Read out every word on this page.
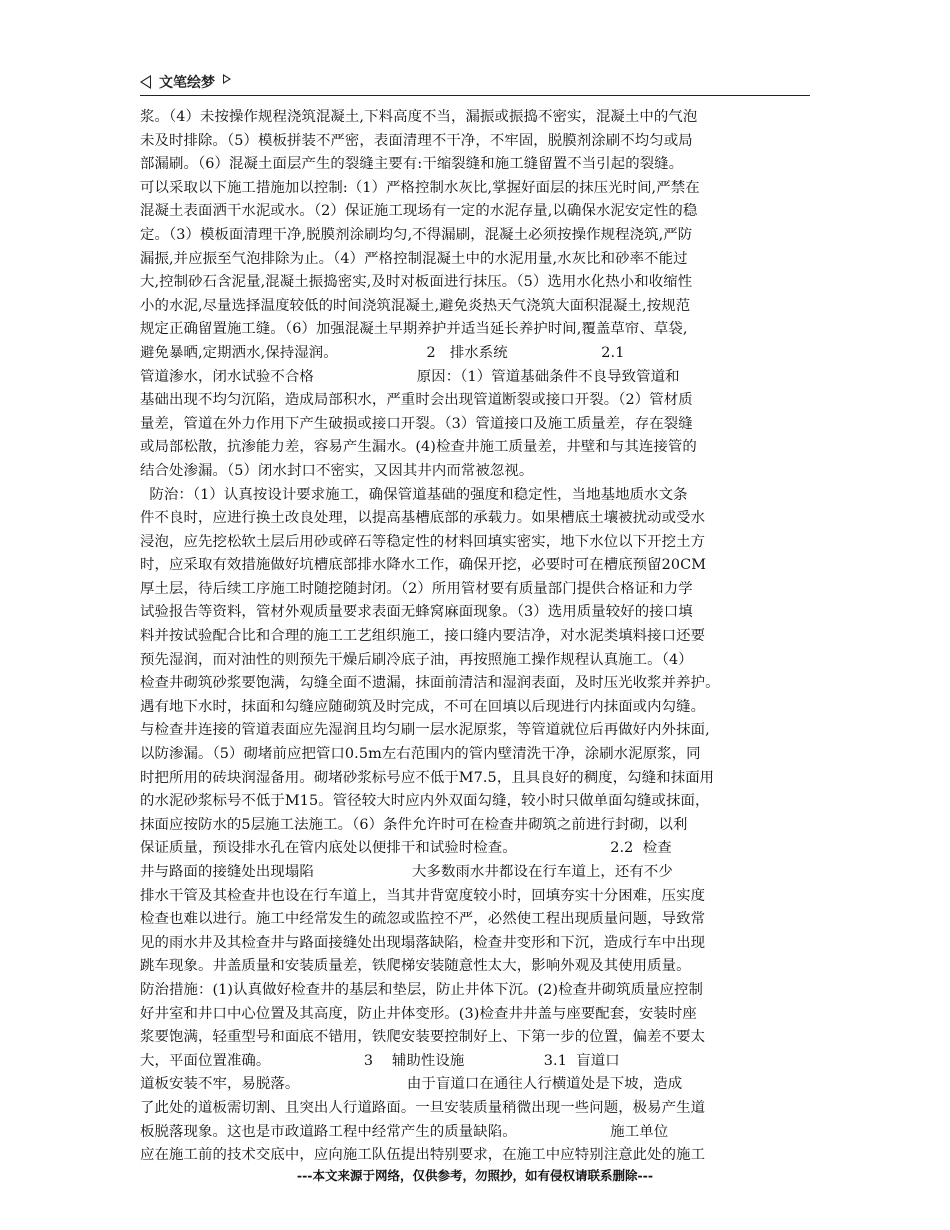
文笔绘梦
浆。（4）未按操作规程浇筑混凝土,下料高度不当，漏振或振捣不密实，混凝土中的气泡
未及时排除。（5）模板拼装不严密，表面清理不干净，不牢固，脱膜剂涂刷不均匀或局
部漏刷。（6）混凝土面层产生的裂缝主要有:干缩裂缝和施工缝留置不当引起的裂缝。
可以采取以下施工措施加以控制:（1）严格控制水灰比,掌握好面层的抹压光时间,严禁在
混凝土表面洒干水泥或水。（2）保证施工现场有一定的水泥存量,以确保水泥安定性的稳
定。（3）模板面清理干净,脱膜剂涂刷均匀,不得漏刷，混凝土必须按操作规程浇筑,严防
漏振,并应振至气泡排除为止。（4）严格控制混凝土中的水泥用量,水灰比和砂率不能过
大,控制砂石含泥量,混凝土振捣密实,及时对板面进行抹压。（5）选用水化热小和收缩性
小的水泥,尽量选择温度较低的时间浇筑混凝土,避免炎热天气浇筑大面积混凝土,按规范
规定正确留置施工缝。（6）加强混凝土早期养护并适当延长养护时间,覆盖草帘、草袋,
避免暴晒,定期洒水,保持湿润。                   2   排水系统                    2.1
管道渗水，闭水试验不合格                      原因：（1）管道基础条件不良导致管道和
基础出现不均匀沉陷，造成局部积水，严重时会出现管道断裂或接口开裂。（2）管材质
量差，管道在外力作用下产生破损或接口开裂。（3）管道接口及施工质量差，存在裂缝
或局部松散，抗渗能力差，容易产生漏水。(4)检查井施工质量差，井壁和与其连接管的
结合处渗漏。（5）闭水封口不密实，又因其井内而常被忽视。
防治：（1）认真按设计要求施工，确保管道基础的强度和稳定性，当地基地质水文条
件不良时，应进行换土改良处理，以提高基槽底部的承载力。如果槽底土壤被扰动或受水
浸泡，应先挖松软土层后用砂或碎石等稳定性的材料回填实密实，地下水位以下开挖土方
时，应采取有效措施做好坑槽底部排水降水工作，确保开挖，必要时可在槽底预留20CM
厚土层，待后续工序施工时随挖随封闭。（2）所用管材要有质量部门提供合格证和力学
试验报告等资料，管材外观质量要求表面无蜂窝麻面现象。（3）选用质量较好的接口填
料并按试验配合比和合理的施工工艺组织施工，接口缝内要洁净，对水泥类填料接口还要
预先湿润，而对油性的则预先干燥后刷冷底子油，再按照施工操作规程认真施工。（4）
检查井砌筑砂浆要饱满，勾缝全面不遗漏，抹面前清洁和湿润表面，及时压光收浆并养护。
遇有地下水时，抹面和勾缝应随砌筑及时完成，不可在回填以后现进行内抹面或内勾缝。
与检查井连接的管道表面应先湿润且均匀刷一层水泥原浆，等管道就位后再做好内外抹面,
以防渗漏。（5）砌堵前应把管口0.5m左右范围内的管内壁清洗干净，涂刷水泥原浆，同
时把所用的砖块润湿备用。砌堵砂浆标号应不低于M7.5，且具良好的稠度，勾缝和抹面用
的水泥砂浆标号不低于M15。管径较大时应内外双面勾缝，较小时只做单面勾缝或抹面，
抹面应按防水的5层施工法施工。（6）条件允许时可在检查井砌筑之前进行封砌，以利
保证质量，预设排水孔在管内底处以便排干和试验时检查。                    2.2  检查
井与路面的接缝处出现塌陷                     大多数雨水井都设在行车道上，还有不少
排水干管及其检查井也设在行车道上，当其井背宽度较小时，回填夯实十分困难，压实度
检查也难以进行。施工中经常发生的疏忽或监控不严，必然使工程出现质量问题，导致常
见的雨水井及其检查井与路面接缝处出现塌落缺陷，检查井变形和下沉，造成行车中出现
跳车现象。井盖质量和安装质量差，铁爬梯安装随意性太大，影响外观及其使用质量。
防治措施：(1)认真做好检查井的基层和垫层，防止井体下沉。(2)检查井砌筑质量应控制
好井室和井口中心位置及其高度，防止井体变形。(3)检查井井盖与座要配套，安装时座
浆要饱满，轻重型号和面底不错用，铁爬安装要控制好上、下第一步的位置，偏差不要太
大，平面位置准确。                    3    辅助性设施                 3.1  盲道口
道板安装不牢，易脱落。                       由于盲道口在通往人行横道处是下坡，造成
了此处的道板需切割、且突出人行道路面。一旦安装质量稍微出现一些问题，极易产生道
板脱落现象。这也是市政道路工程中经常产生的质量缺陷。                    施工单位
应在施工前的技术交底中，应向施工队伍提出特别要求，在施工中应特别注意此处的施工
---本文来源于网络，仅供参考，勿照抄，如有侵权请联系删除---
